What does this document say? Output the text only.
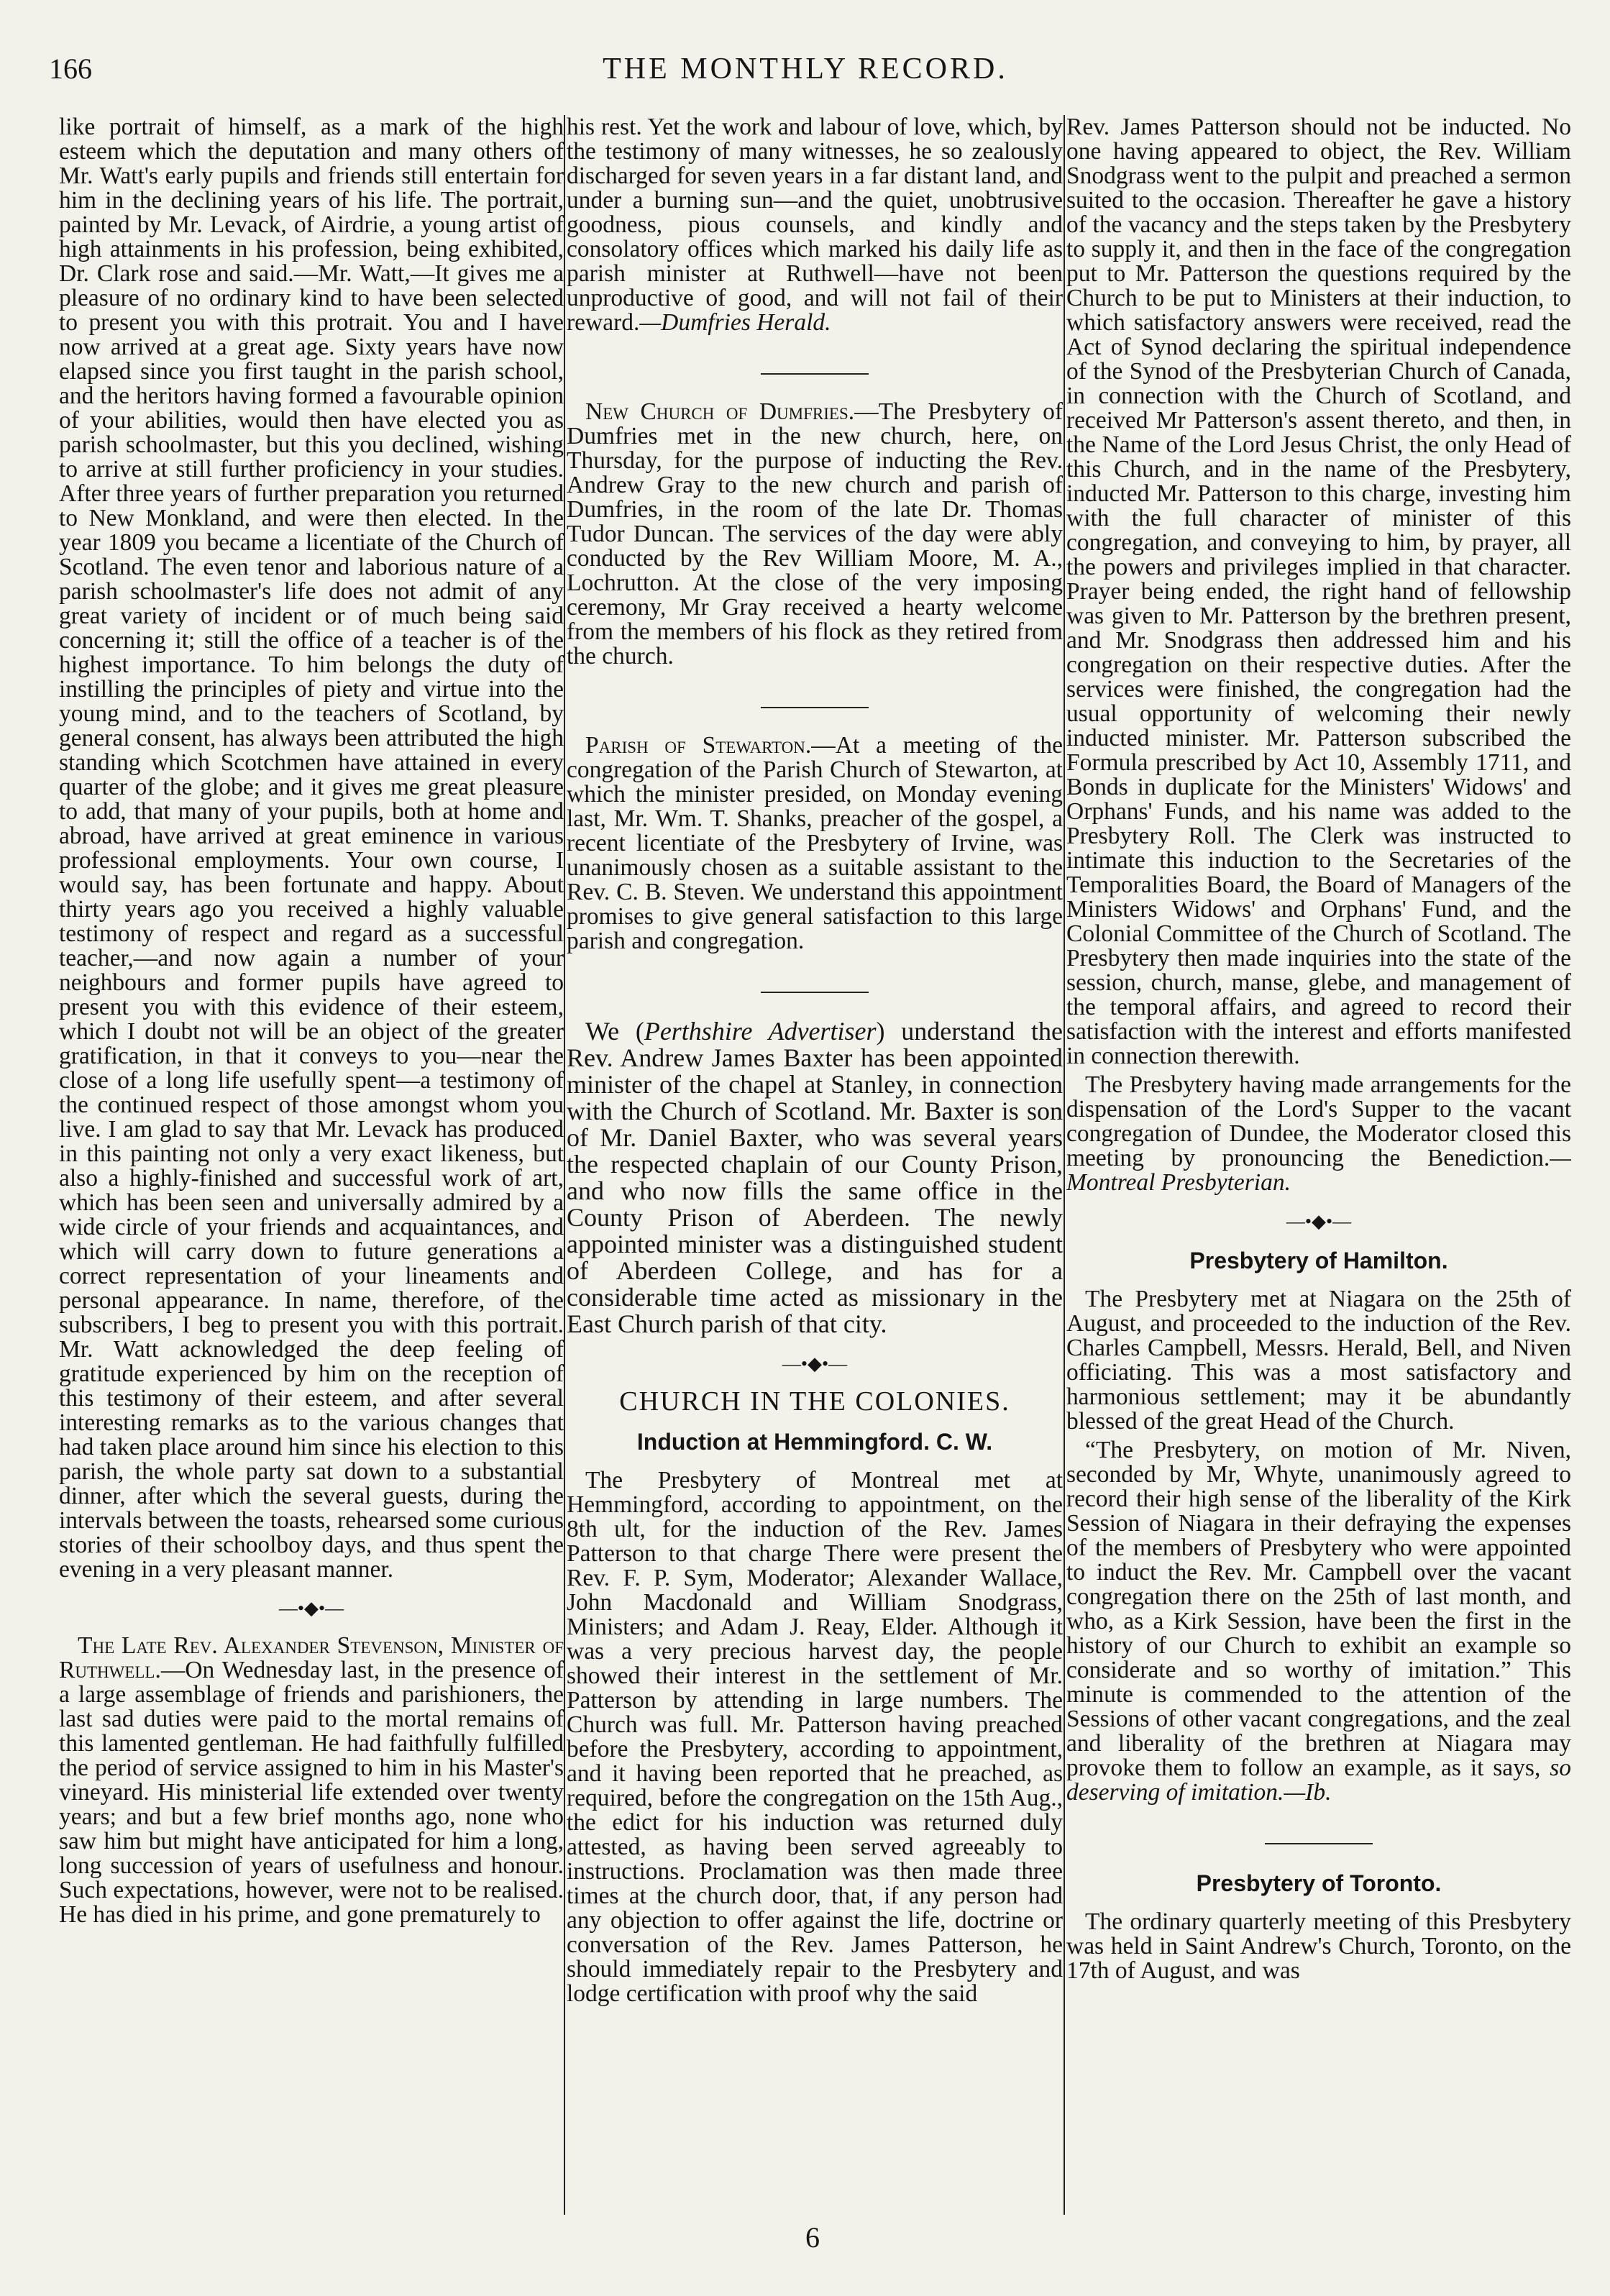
166	THE MONTHLY RECORD.

like portrait of himself, as a mark of the high esteem which the deputation and many others of Mr. Watt's early pupils and friends still entertain for him in the declining years of his life. The portrait, painted by Mr. Levack, of Airdrie, a young artist of high attainments in his profession, being exhibited, Dr. Clark rose and said.—Mr. Watt,—It gives me a pleasure of no ordinary kind to have been selected to present you with this protrait. You and I have now arrived at a great age. Sixty years have now elapsed since you first taught in the parish school, and the heritors having formed a favourable opinion of your abilities, would then have elected you as parish schoolmaster, but this you declined, wishing to arrive at still further proficiency in your studies. After three years of further preparation you returned to New Monkland, and were then elected. In the year 1809 you became a licentiate of the Church of Scotland. The even tenor and laborious nature of a parish schoolmaster's life does not admit of any great variety of incident or of much being said concerning it; still the office of a teacher is of the highest importance. To him belongs the duty of instilling the principles of piety and virtue into the young mind, and to the teachers of Scotland, by general consent, has always been attributed the high standing which Scotchmen have attained in every quarter of the globe; and it gives me great pleasure to add, that many of your pupils, both at home and abroad, have arrived at great eminence in various professional employments. Your own course, I would say, has been fortunate and happy. About thirty years ago you received a highly valuable testimony of respect and regard as a successful teacher,—and now again a number of your neighbours and former pupils have agreed to present you with this evidence of their esteem, which I doubt not will be an object of the greater gratification, in that it conveys to you—near the close of a long life usefully spent—a testimony of the continued respect of those amongst whom you live. I am glad to say that Mr. Levack has produced in this painting not only a very exact likeness, but also a highly-finished and successful work of art, which has been seen and universally admired by a wide circle of your friends and acquaintances, and which will carry down to future generations a correct representation of your lineaments and personal appearance. In name, therefore, of the subscribers, I beg to present you with this portrait. Mr. Watt acknowledged the deep feeling of gratitude experienced by him on the reception of this testimony of their esteem, and after several interesting remarks as to the various changes that had taken place around him since his election to this parish, the whole party sat down to a substantial dinner, after which the several guests, during the intervals between the toasts, rehearsed some curious stories of their schoolboy days, and thus spent the evening in a very pleasant manner.

—•◆•—

The Late Rev. Alexander Stevenson, Minister of Ruthwell.—On Wednesday last, in the presence of a large assemblage of friends and parishioners, the last sad duties were paid to the mortal remains of this lamented gentleman. He had faithfully fulfilled the period of service assigned to him in his Master's vineyard. His ministerial life extended over twenty years; and but a few brief months ago, none who saw him but might have anticipated for him a long, long succession of years of usefulness and honour. Such expectations, however, were not to be realised. He has died in his prime, and gone prematurely to

his rest. Yet the work and labour of love, which, by the testimony of many witnesses, he so zealously discharged for seven years in a far distant land, and under a burning sun—and the quiet, unobtrusive goodness, pious counsels, and kindly and consolatory offices which marked his daily life as parish minister at Ruthwell—have not been unproductive of good, and will not fail of their reward.—Dumfries Herald.

New Church of Dumfries.—The Presbytery of Dumfries met in the new church, here, on Thursday, for the purpose of inducting the Rev. Andrew Gray to the new church and parish of Dumfries, in the room of the late Dr. Thomas Tudor Duncan. The services of the day were ably conducted by the Rev William Moore, M. A., Lochrutton. At the close of the very imposing ceremony, Mr Gray received a hearty welcome from the members of his flock as they retired from the church.

Parish of Stewarton.—At a meeting of the congregation of the Parish Church of Stewarton, at which the minister presided, on Monday evening last, Mr. Wm. T. Shanks, preacher of the gospel, a recent licentiate of the Presbytery of Irvine, was unanimously chosen as a suitable assistant to the Rev. C. B. Steven. We understand this appointment promises to give general satisfaction to this large parish and congregation.

We (Perthshire Advertiser) understand the Rev. Andrew James Baxter has been appointed minister of the chapel at Stanley, in connection with the Church of Scotland. Mr. Baxter is son of Mr. Daniel Baxter, who was several years the respected chaplain of our County Prison, and who now fills the same office in the County Prison of Aberdeen. The newly appointed minister was a distinguished student of Aberdeen College, and has for a considerable time acted as missionary in the East Church parish of that city.

—•◆•—
CHURCH IN THE COLONIES.
Induction at Hemmingford. C. W.

The Presbytery of Montreal met at Hemmingford, according to appointment, on the 8th ult, for the induction of the Rev. James Patterson to that charge There were present the Rev. F. P. Sym, Moderator; Alexander Wallace, John Macdonald and William Snodgrass, Ministers; and Adam J. Reay, Elder. Although it was a very precious harvest day, the people showed their interest in the settlement of Mr. Patterson by attending in large numbers. The Church was full. Mr. Patterson having preached before the Presbytery, according to appointment, and it having been reported that he preached, as required, before the congregation on the 15th Aug., the edict for his induction was returned duly attested, as having been served agreeably to instructions. Proclamation was then made three times at the church door, that, if any person had any objection to offer against the life, doctrine or conversation of the Rev. James Patterson, he should immediately repair to the Presbytery and lodge certification with proof why the said

Rev. James Patterson should not be inducted. No one having appeared to object, the Rev. William Snodgrass went to the pulpit and preached a sermon suited to the occasion. Thereafter he gave a history of the vacancy and the steps taken by the Presbytery to supply it, and then in the face of the congregation put to Mr. Patterson the questions required by the Church to be put to Ministers at their induction, to which satisfactory answers were received, read the Act of Synod declaring the spiritual independence of the Synod of the Presbyterian Church of Canada, in connection with the Church of Scotland, and received Mr Patterson's assent thereto, and then, in the Name of the Lord Jesus Christ, the only Head of this Church, and in the name of the Presbytery, inducted Mr. Patterson to this charge, investing him with the full character of minister of this congregation, and conveying to him, by prayer, all the powers and privileges implied in that character. Prayer being ended, the right hand of fellowship was given to Mr. Patterson by the brethren present, and Mr. Snodgrass then addressed him and his congregation on their respective duties. After the services were finished, the congregation had the usual opportunity of welcoming their newly inducted minister. Mr. Patterson subscribed the Formula prescribed by Act 10, Assembly 1711, and Bonds in duplicate for the Ministers' Widows' and Orphans' Funds, and his name was added to the Presbytery Roll. The Clerk was instructed to intimate this induction to the Secretaries of the Temporalities Board, the Board of Managers of the Ministers Widows' and Orphans' Fund, and the Colonial Committee of the Church of Scotland. The Presbytery then made inquiries into the state of the session, church, manse, glebe, and management of the temporal affairs, and agreed to record their satisfaction with the interest and efforts manifested in connection therewith.

The Presbytery having made arrangements for the dispensation of the Lord's Supper to the vacant congregation of Dundee, the Moderator closed this meeting by pronouncing the Benediction.—Montreal Presbyterian.

—•◆•—
Presbytery of Hamilton.

The Presbytery met at Niagara on the 25th of August, and proceeded to the induction of the Rev. Charles Campbell, Messrs. Herald, Bell, and Niven officiating. This was a most satisfactory and harmonious settlement; may it be abundantly blessed of the great Head of the Church.

“The Presbytery, on motion of Mr. Niven, seconded by Mr, Whyte, unanimously agreed to record their high sense of the liberality of the Kirk Session of Niagara in their defraying the expenses of the members of Presbytery who were appointed to induct the Rev. Mr. Campbell over the vacant congregation there on the 25th of last month, and who, as a Kirk Session, have been the first in the history of our Church to exhibit an example so considerate and so worthy of imitation.” This minute is commended to the attention of the Sessions of other vacant congregations, and the zeal and liberality of the brethren at Niagara may provoke them to follow an example, as it says, so deserving of imitation.—Ib.

Presbytery of Toronto.

The ordinary quarterly meeting of this Presbytery was held in Saint Andrew's Church, Toronto, on the 17th of August, and was

6
